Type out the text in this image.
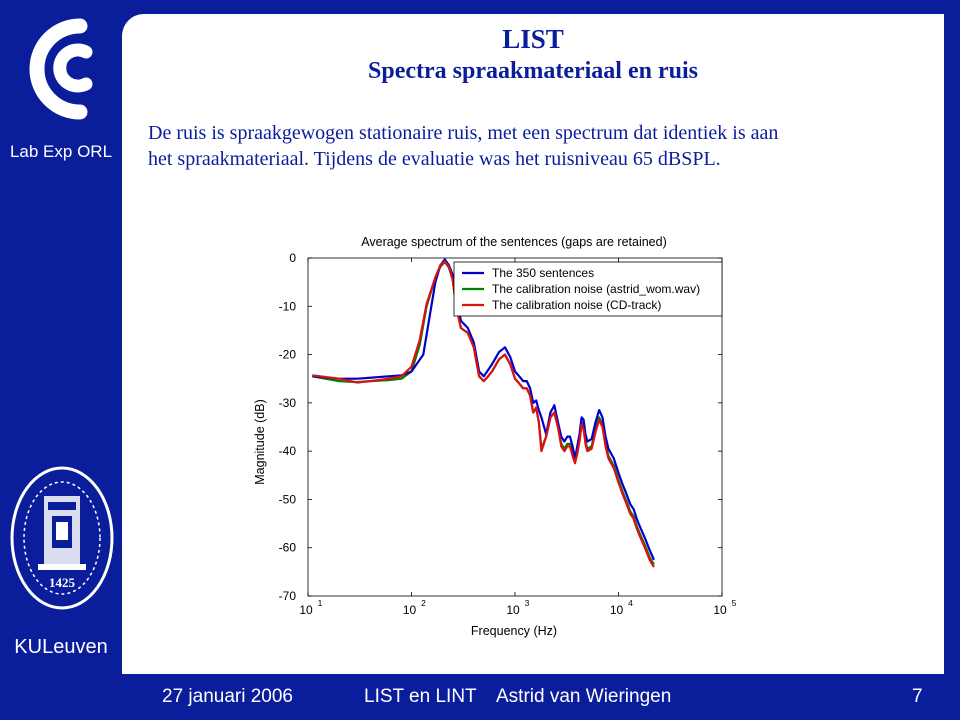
Lab Exp ORL
1425
KULeuven
LIST
Spectra spraakmateriaal en ruis

De ruis is spraakgewogen stationaire ruis, met een spectrum dat identiek is aan
het spraakmateriaal. Tijdens de evaluatie was het ruisniveau 65 dBSPL.

Average spectrum of the sentences (gaps are retained)
Frequency (Hz)
Magnitude (dB)
0
-10
-20
-30
-40
-50
-60
-70
10 1	10 2	10 3	10 4	10 5
The 350 sentences
The calibration noise (astrid_wom.wav)
The calibration noise (CD-track)
27 januari 2006	LIST en LINT Astrid van Wieringen	7
